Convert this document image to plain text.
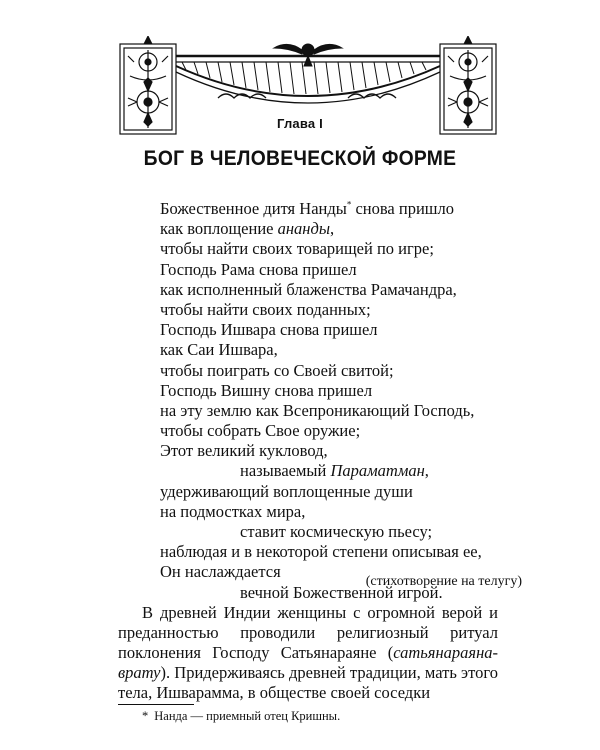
Глава I
БОГ В ЧЕЛОВЕЧЕСКОЙ ФОРМЕ
Божественное дитя Нанды* снова пришло
как воплощение ананды,
чтобы найти своих товарищей по игре;
Господь Рама снова пришел
как исполненный блаженства Рамачандра,
чтобы найти своих поданных;
Господь Ишвара снова пришел
как Саи Ишвара,
чтобы поиграть со Своей свитой;
Господь Вишну снова пришел
на эту землю как Всепроникающий Господь,
чтобы собрать Свое оружие;
Этот великий кукловод,
называемый Параматман,
удерживающий воплощенные души
на подмостках мира,
ставит космическую пьесу;
наблюдая и в некоторой степени описывая ее,
Он наслаждается
вечной Божественной игрой.
(стихотворение на телугу)

В древней Индии женщины с огромной верой и преданностью проводили религиозный ритуал поклонения Господу Сатьянараяне (сатьянараяна-врату). Придерживаясь древней традиции, мать этого тела, Ишварамма, в обществе своей соседки

* Нанда — приемный отец Кришны.
